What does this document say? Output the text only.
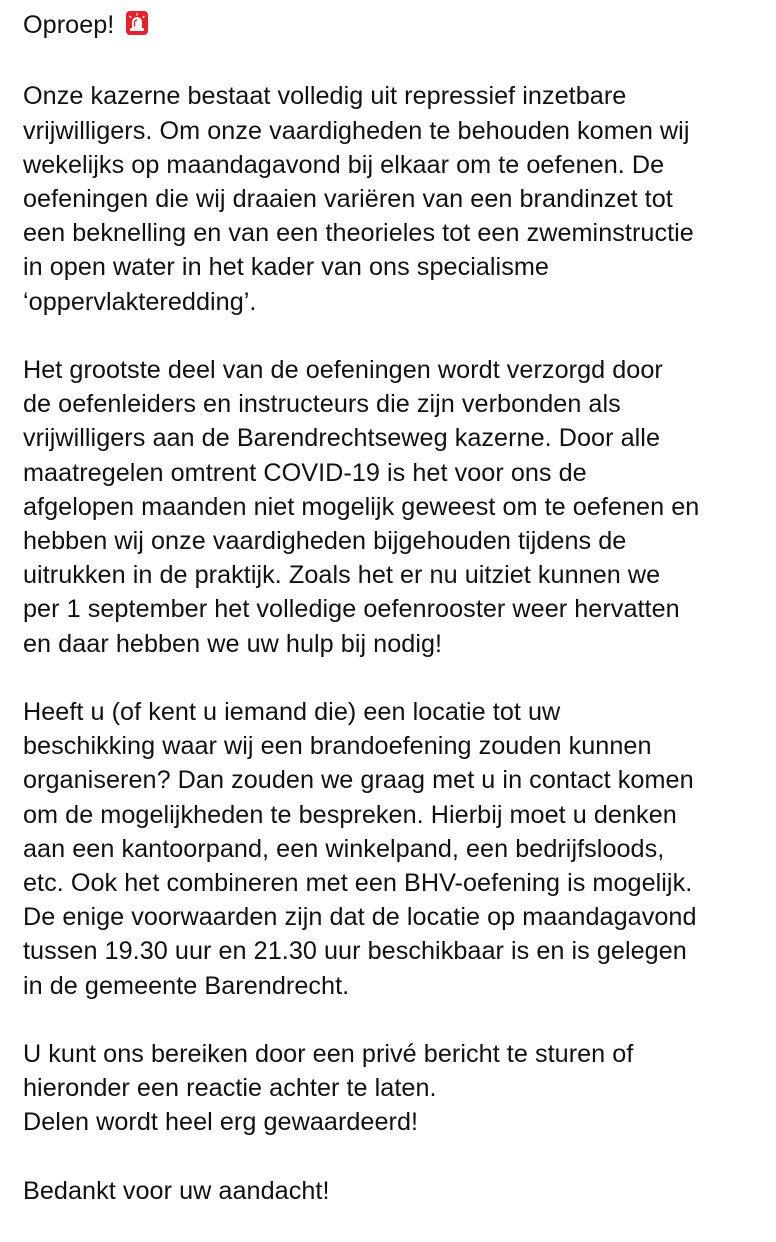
Oproep!
Onze kazerne bestaat volledig uit repressief inzetbare
vrijwilligers. Om onze vaardigheden te behouden komen wij
wekelijks op maandagavond bij elkaar om te oefenen. De
oefeningen die wij draaien variëren van een brandinzet tot
een beknelling en van een theorieles tot een zweminstructie
in open water in het kader van ons specialisme
‘oppervlakteredding’.
Het grootste deel van de oefeningen wordt verzorgd door
de oefenleiders en instructeurs die zijn verbonden als
vrijwilligers aan de Barendrechtseweg kazerne. Door alle
maatregelen omtrent COVID-19 is het voor ons de
afgelopen maanden niet mogelijk geweest om te oefenen en
hebben wij onze vaardigheden bijgehouden tijdens de
uitrukken in de praktijk. Zoals het er nu uitziet kunnen we
per 1 september het volledige oefenrooster weer hervatten
en daar hebben we uw hulp bij nodig!
Heeft u (of kent u iemand die) een locatie tot uw
beschikking waar wij een brandoefening zouden kunnen
organiseren? Dan zouden we graag met u in contact komen
om de mogelijkheden te bespreken. Hierbij moet u denken
aan een kantoorpand, een winkelpand, een bedrijfsloods,
etc. Ook het combineren met een BHV-oefening is mogelijk.
De enige voorwaarden zijn dat de locatie op maandagavond
tussen 19.30 uur en 21.30 uur beschikbaar is en is gelegen
in de gemeente Barendrecht.
U kunt ons bereiken door een privé bericht te sturen of
hieronder een reactie achter te laten.
Delen wordt heel erg gewaardeerd!
Bedankt voor uw aandacht!
